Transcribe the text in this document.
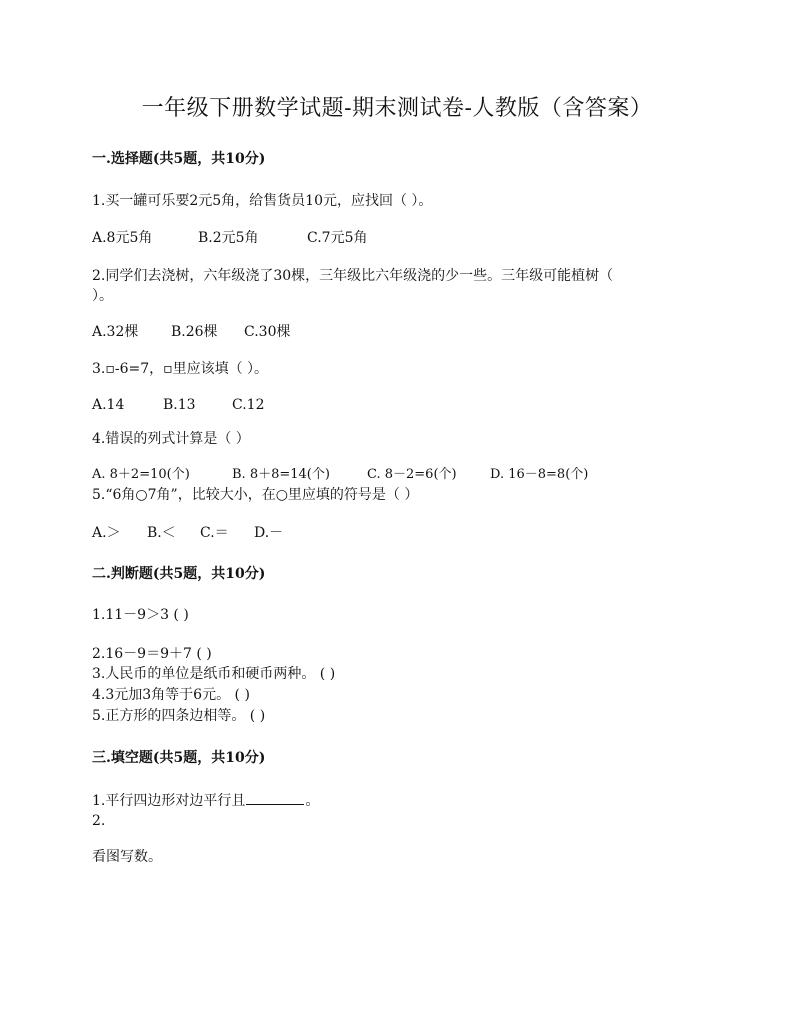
一年级下册数学试题-期末测试卷-人教版（含答案）
一.选择题(共5题，共10分)
1.买一罐可乐要2元5角，给售货员10元，应找回（ ）。
A.8元5角	B.2元5角	C.7元5角
2.同学们去浇树，六年级浇了30棵，三年级比六年级浇的少一些。三年级可能植树（
）。
A.32棵 B.26棵 C.30棵
3.▫-6=7，▫里应该填（ ）。
A.14	B.13	C.12
4.错误的列式计算是（ ）
A. 8＋2=10(个)	B. 8＋8=14(个)	C. 8－2=6(个)	D. 16－8=8(个)
5.“6角○7角”，比较大小，在○里应填的符号是（ ）
A.＞ B.＜ C.＝ D.－
二.判断题(共5题，共10分)
1.11－9＞3 ( )
2.16－9＝9＋7 ( )
3.人民币的单位是纸币和硬币两种。 ( )
4.3元加3角等于6元。 ( )
5.正方形的四条边相等。 ( )
三.填空题(共5题，共10分)
1.平行四边形对边平行且	。
2.
看图写数。
